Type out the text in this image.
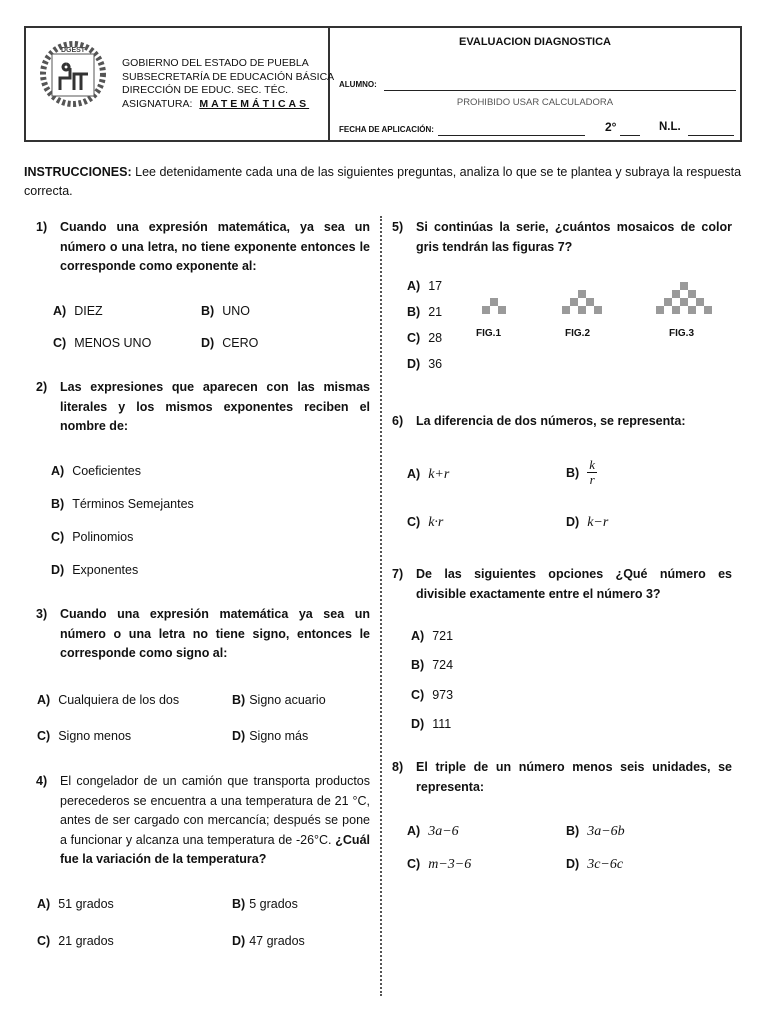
DGEST
GOBIERNO DEL ESTADO DE PUEBLA
SUBSECRETARÍA DE EDUCACIÓN BÁSICA
DIRECCIÓN DE EDUC. SEC. TÉC.
ASIGNATURA: MATEMÁTICAS
EVALUACION DIAGNOSTICA
ALUMNO:
PROHIBIDO USAR CALCULADORA
FECHA DE APLICACIÓN:	2°	N.L.
INSTRUCCIONES: Lee detenidamente cada una de las siguientes preguntas, analiza lo que se te plantea y subraya la respuesta correcta.
1) Cuando una expresión matemática, ya sea un número o una letra, no tiene exponente entonces le corresponde como exponente al:
A) DIEZ	B) UNO
C) MENOS UNO	D) CERO
2) Las expresiones que aparecen con las mismas literales y los mismos exponentes reciben el nombre de:
A) Coeficientes
B) Términos Semejantes
C) Polinomios
D) Exponentes
3) Cuando una expresión matemática ya sea un número o una letra no tiene signo, entonces le corresponde como signo al:
A) Cualquiera de los dos	B) Signo acuario
C) Signo menos	D) Signo más
4) El congelador de un camión que transporta productos perecederos se encuentra a una temperatura de 21 °C, antes de ser cargado con mercancía; después se pone a funcionar y alcanza una temperatura de -26°C. ¿Cuál fue la variación de la temperatura?
A) 51 grados	B) 5 grados
C) 21 grados	D) 47 grados
5) Si continúas la serie, ¿cuántos mosaicos de color gris tendrán las figuras 7?
A) 17
B) 21
C) 28
D) 36
FIG.1	FIG.2	FIG.3
6) La diferencia de dos números, se representa:
A) k+r	$B) \frac{k}{r}$
C) k·r	D) k−r
7) De las siguientes opciones ¿Qué número es divisible exactamente entre el número 3?
A) 721
B) 724
C) 973
D) 111
8) El triple de un número menos seis unidades, se representa:
A) 3a−6	B) 3a−6b
C) m−3−6	D) 3c−6c
